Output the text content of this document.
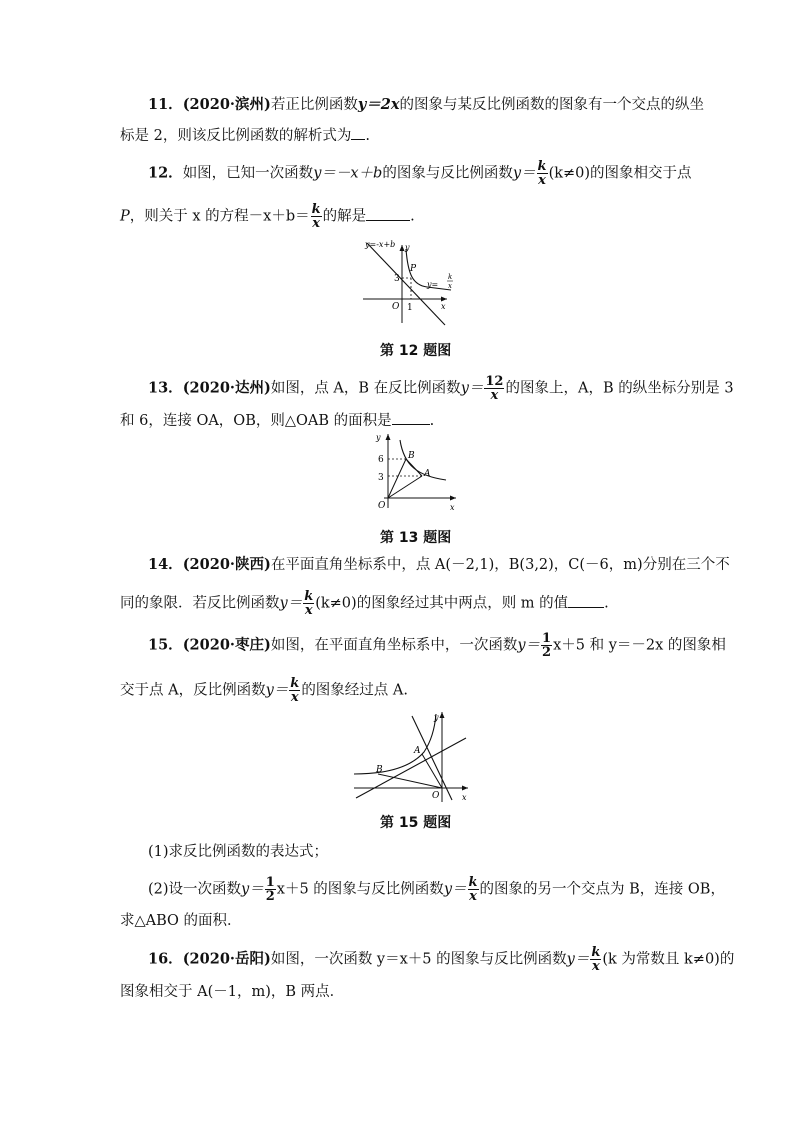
11．(2020·滨州)若正比例函数y＝2x的图象与某反比例函数的图象有一个交点的纵坐
标是 2，则该反比例函数的解析式为 .
12．如图，已知一次函数y＝－x＋b的图象与反比例函数$y= \frac{k}{x} (k\ne 0)$的图象相交于点
P，则关于 x 的方程$-x+b= \frac{k}{x}$ 的解是	.
y=-x+b y
P
3
y=
k
x
O 1	x
第 12 题图
13．(2020·达州)如图，点 A，B 在反比例函数$y= \frac{12}{x}$ 的图象上，A，B 的纵坐标分别是 3
和 6，连接 OA，OB，则△OAB 的面积是	.
y
6	B
A
3
O	x
第 13 题图
14．(2020·陕西)在平面直角坐标系中，点 A(－2,1)，B(3,2)，C(－6，m)分别在三个不
同的象限．若反比例函数$y= \frac{k}{x} (k\ne 0)$的图象经过其中两点，则 m 的值 .
15．(2020·枣庄)如图，在平面直角坐标系中，一次函数$y= \frac{1}{2} x+5$ 和 y＝－2x 的图象相
交于点 A，反比例函数$y= \frac{k}{x}$ 的图象经过点 A.
y
A
B
O	x
第 15 题图
(1)求反比例函数的表达式；
(2)设一次函数$y= \frac{1}{2} x+5$ 的图象与反比例函数$y= \frac{k}{x}$ 的图象的另一个交点为 B，连接 OB，
求△ABO 的面积．
16．(2020·岳阳)如图，一次函数 y＝x＋5 的图象与反比例函数$y= \frac{k}{x} (k$ 为常数且 k≠0)的
图象相交于 A(－1，m)，B 两点．
